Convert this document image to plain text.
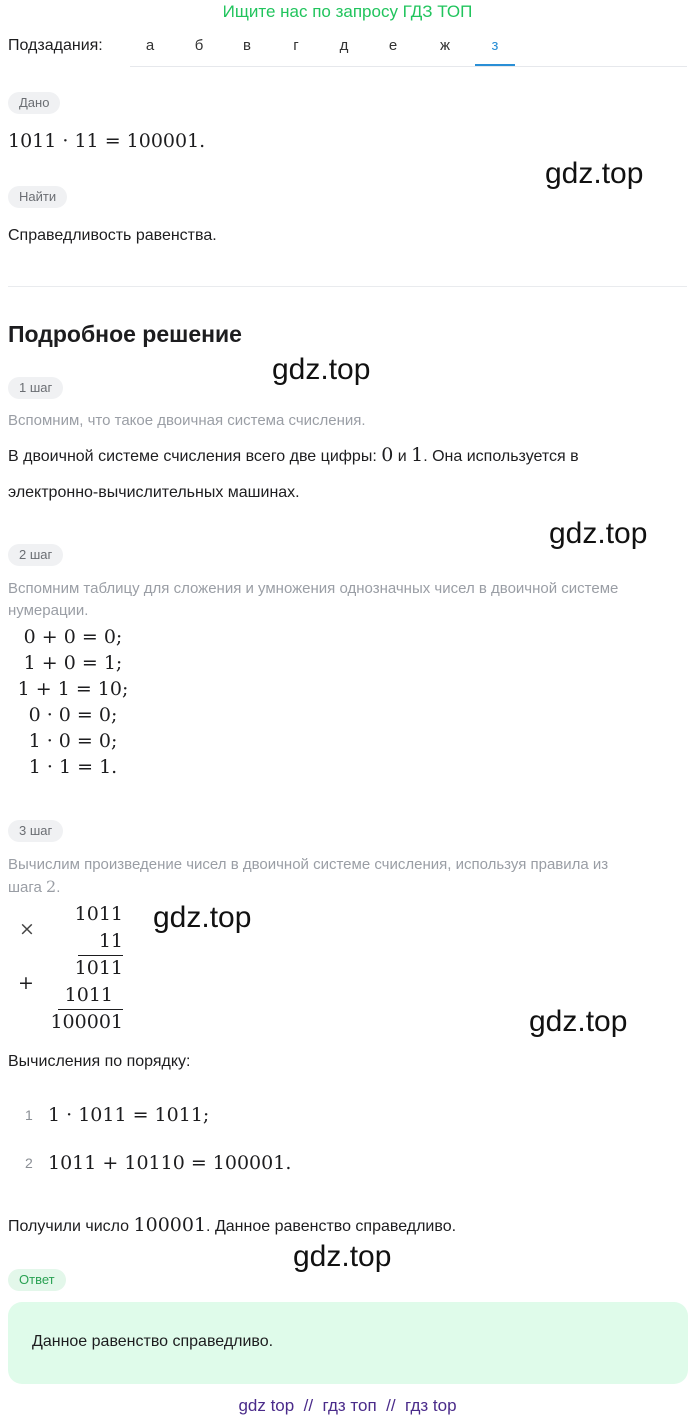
Ищите нас по запросу ГДЗ ТОП
Подзадания:	а	б	в	г	д	е	ж	з
Дано
1011 · 11 = 100001.
gdz.top
Найти
Справедливость равенства.
Подробное решение
gdz.top
1 шаг
Вспомним, что такое двоичная система счисления.
В двоичной системе счисления всего две цифры: 0 и 1. Она используется в
электронно-вычислительных машинах.
gdz.top
2 шаг
Вспомним таблицу для сложения и умножения однозначных чисел в двоичной системе
нумерации.
0 + 0 = 0;
1 + 0 = 1;
1 + 1 = 10;
0 · 0 = 0;
1 · 0 = 0;
1 · 1 = 1.
3 шаг
Вычислим произведение чисел в двоичной системе счисления, используя правила из
шага 2.
×
1011
11
1011
+
1011
100001
gdz.top
gdz.top
Вычисления по порядку:
1 1 · 1011 = 1011;
2 1011 + 10110 = 100001.
Получили число 100001. Данное равенство справедливо.
gdz.top
Ответ
Данное равенство справедливо.
gdz top  //  гдз топ  //  гдз top
